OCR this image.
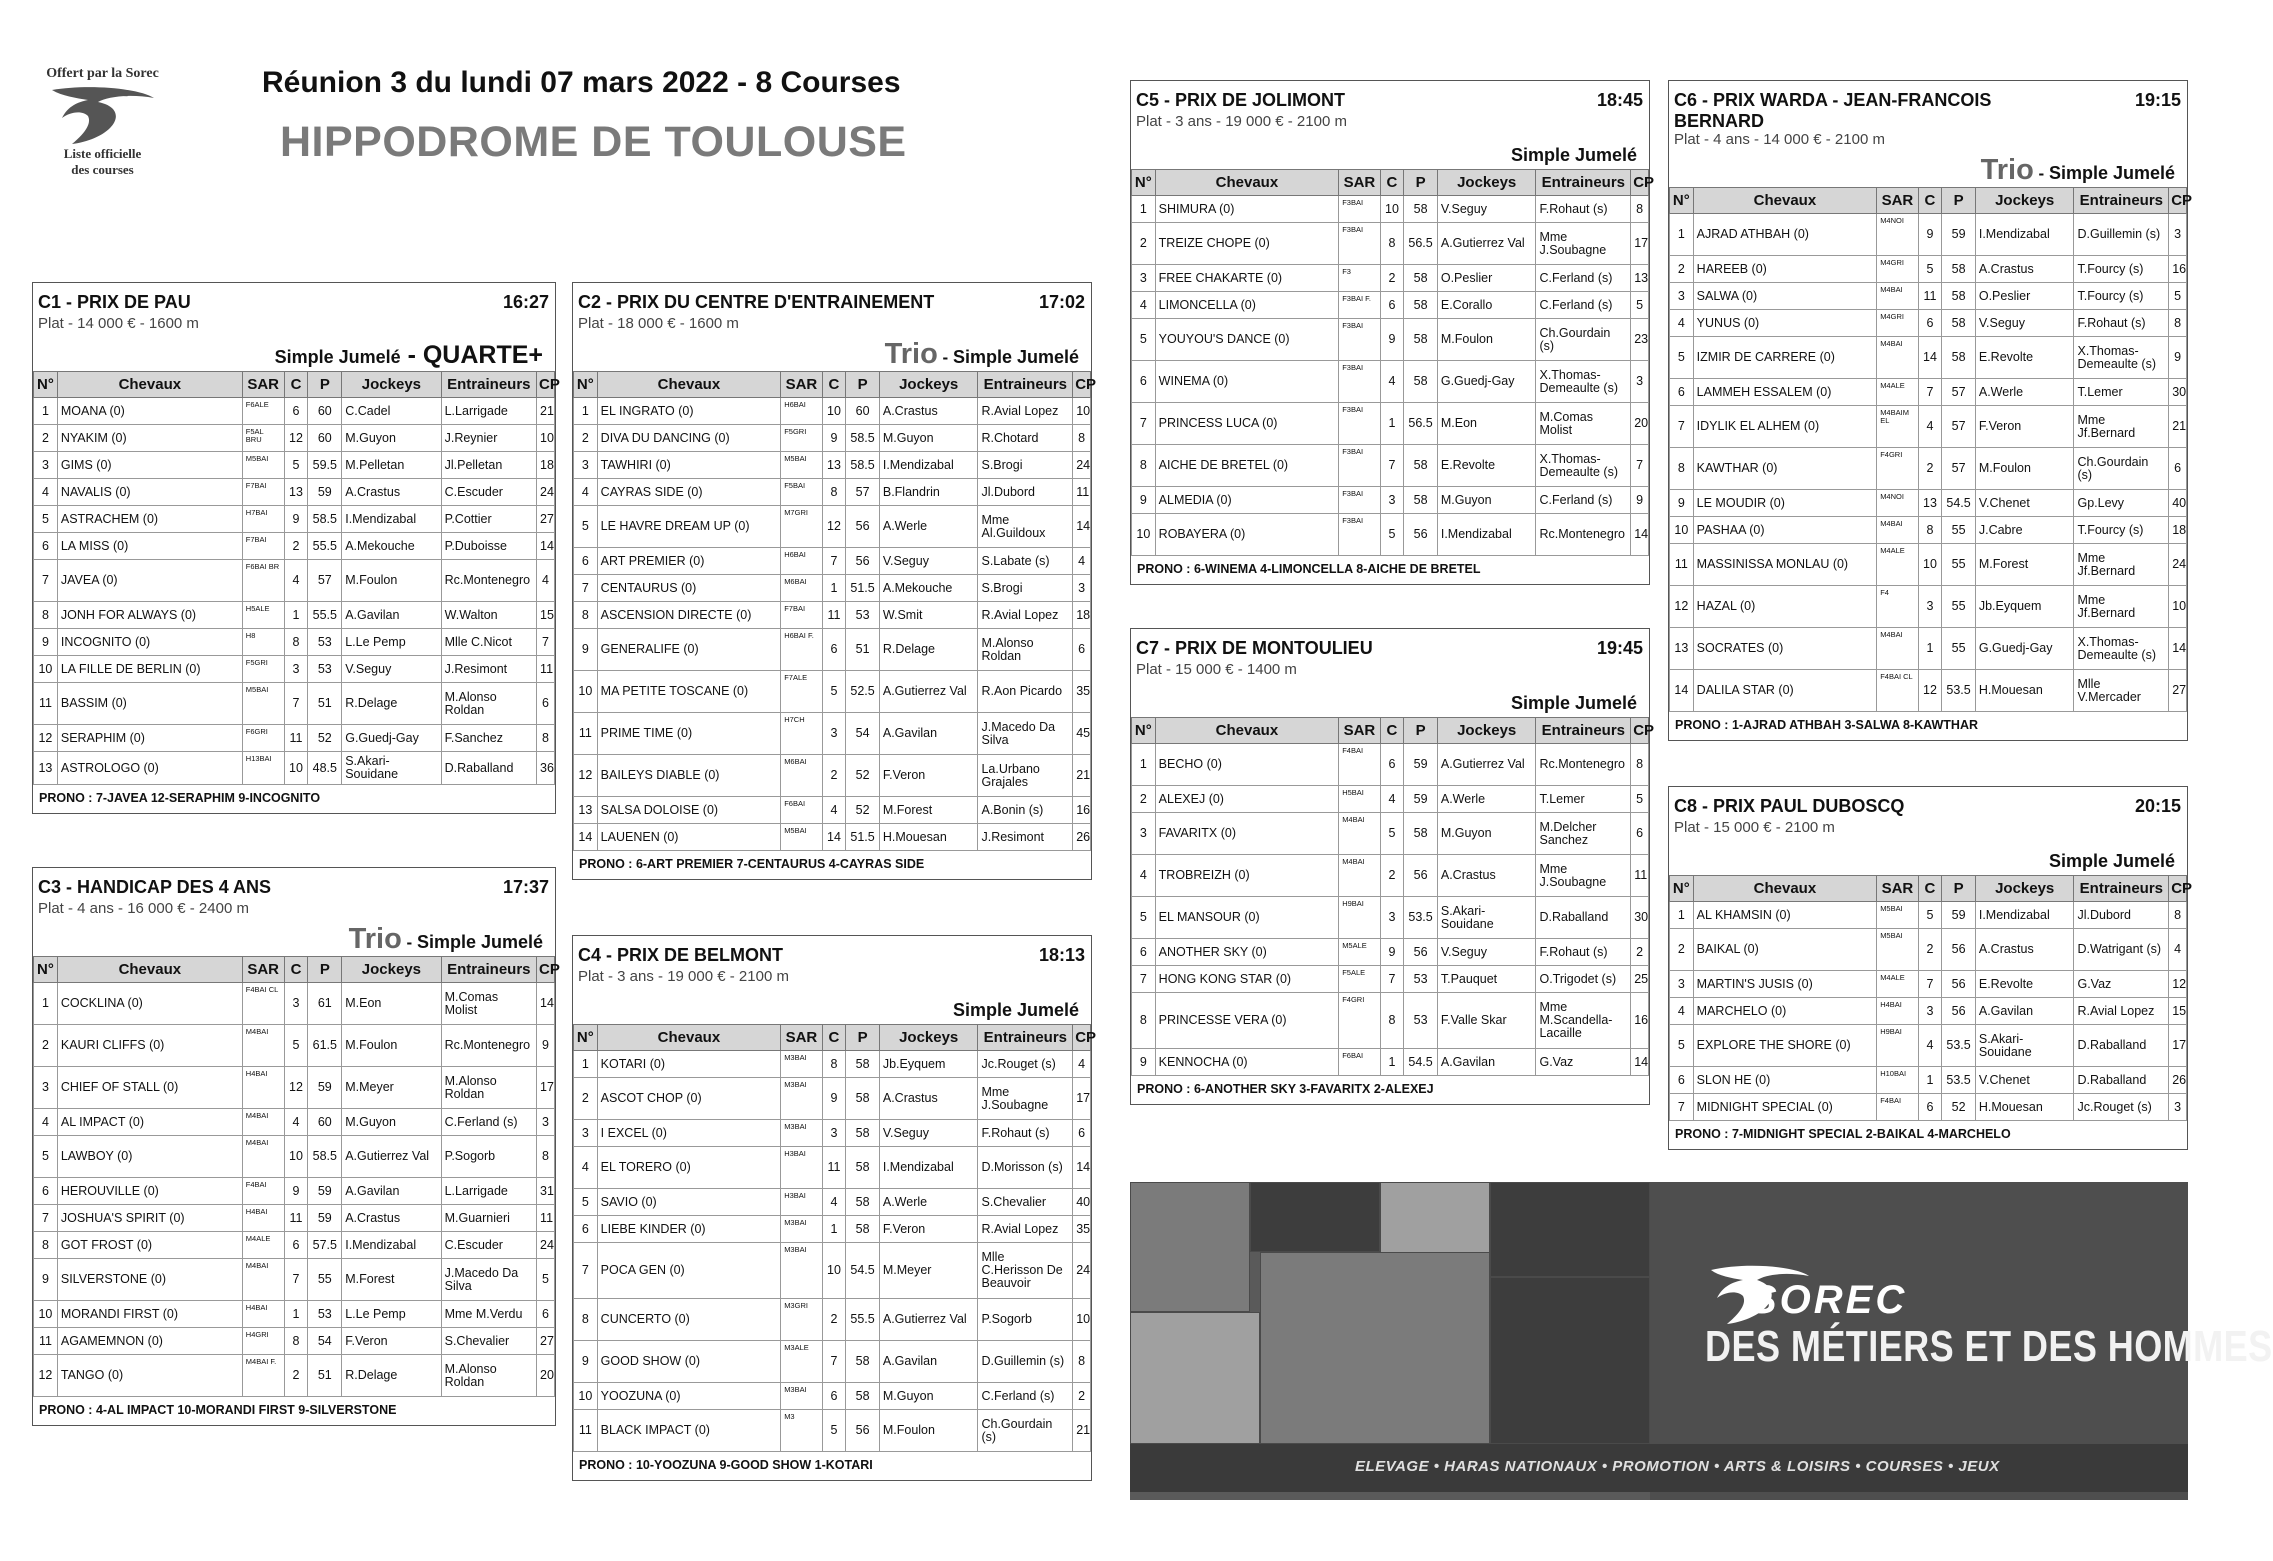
Offert par la Sorec
Liste officielle
des courses
Réunion 3 du lundi 07 mars 2022 - 8 Courses
HIPPODROME DE TOULOUSE
C1 - PRIX DE PAU	16:27
Plat - 14 000 € - 1600 m
Simple Jumelé - QUARTE+
N°	Chevaux	SAR	C	P	Jockeys	Entraineurs	CP
1	MOANA (0)	F6ALE	6	60	C.Cadel	L.Larrigade	21
2	NYAKIM (0)	F5AL BRU	12	60	M.Guyon	J.Reynier	10
3	GIMS (0)	M5BAI	5	59.5	M.Pelletan	Jl.Pelletan	18
4	NAVALIS (0)	F7BAI	13	59	A.Crastus	C.Escuder	24
5	ASTRACHEM (0)	H7BAI	9	58.5	I.Mendizabal	P.Cottier	27
6	LA MISS (0)	F7BAI	2	55.5	A.Mekouche	P.Duboisse	14
7	JAVEA (0)	F6BAI BR	4	57	M.Foulon	Rc.Montenegro	4
8	JONH FOR ALWAYS (0)	H5ALE	1	55.5	A.Gavilan	W.Walton	15
9	INCOGNITO (0)	H8	8	53	L.Le Pemp	Mlle C.Nicot	7
10	LA FILLE DE BERLIN (0)	F5GRI	3	53	V.Seguy	J.Resimont	11
11	BASSIM (0)	M5BAI	7	51	R.Delage	M.Alonso Roldan	6
12	SERAPHIM (0)	F6GRI	11	52	G.Guedj-Gay	F.Sanchez	8
13	ASTROLOGO (0)	H13BAI	10	48.5	S.Akari-Souidane	D.Raballand	36
PRONO : 7-JAVEA 12-SERAPHIM 9-INCOGNITO
C2 - PRIX DU CENTRE D'ENTRAINEMENT	17:02
Plat - 18 000 € - 1600 m
Trio - Simple Jumelé
N°	Chevaux	SAR	C	P	Jockeys	Entraineurs	CP
1	EL INGRATO (0)	H6BAI	10	60	A.Crastus	R.Avial Lopez	10
2	DIVA DU DANCING (0)	F5GRI	9	58.5	M.Guyon	R.Chotard	8
3	TAWHIRI (0)	M5BAI	13	58.5	I.Mendizabal	S.Brogi	24
4	CAYRAS SIDE (0)	F5BAI	8	57	B.Flandrin	Jl.Dubord	11
5	LE HAVRE DREAM UP (0)	M7GRI	12	56	A.Werle	Mme Al.Guildoux	14
6	ART PREMIER (0)	H6BAI	7	56	V.Seguy	S.Labate (s)	4
7	CENTAURUS (0)	M6BAI	1	51.5	A.Mekouche	S.Brogi	3
8	ASCENSION DIRECTE (0)	F7BAI	11	53	W.Smit	R.Avial Lopez	18
9	GENERALIFE (0)	H6BAI F.	6	51	R.Delage	M.Alonso Roldan	6
10	MA PETITE TOSCANE (0)	F7ALE	5	52.5	A.Gutierrez Val	R.Aon Picardo	35
11	PRIME TIME (0)	H7CH	3	54	A.Gavilan	J.Macedo Da Silva	45
12	BAILEYS DIABLE (0)	M6BAI	2	52	F.Veron	La.Urbano Grajales	21
13	SALSA DOLOISE (0)	F6BAI	4	52	M.Forest	A.Bonin (s)	16
14	LAUENEN (0)	M5BAI	14	51.5	H.Mouesan	J.Resimont	26
PRONO : 6-ART PREMIER 7-CENTAURUS 4-CAYRAS SIDE
C3 - HANDICAP DES 4 ANS	17:37
Plat - 4 ans - 16 000 € - 2400 m
Trio - Simple Jumelé
N°	Chevaux	SAR	C	P	Jockeys	Entraineurs	CP
1	COCKLINA (0)	F4BAI CL	3	61	M.Eon	M.Comas Molist	14
2	KAURI CLIFFS (0)	M4BAI	5	61.5	M.Foulon	Rc.Montenegro	9
3	CHIEF OF STALL (0)	H4BAI	12	59	M.Meyer	M.Alonso Roldan	17
4	AL IMPACT (0)	M4BAI	4	60	M.Guyon	C.Ferland (s)	3
5	LAWBOY (0)	M4BAI	10	58.5	A.Gutierrez Val	P.Sogorb	8
6	HEROUVILLE (0)	F4BAI	9	59	A.Gavilan	L.Larrigade	31
7	JOSHUA'S SPIRIT (0)	H4BAI	11	59	A.Crastus	M.Guarnieri	11
8	GOT FROST (0)	M4ALE	6	57.5	I.Mendizabal	C.Escuder	24
9	SILVERSTONE (0)	M4BAI	7	55	M.Forest	J.Macedo Da Silva	5
10	MORANDI FIRST (0)	H4BAI	1	53	L.Le Pemp	Mme M.Verdu	6
11	AGAMEMNON (0)	H4GRI	8	54	F.Veron	S.Chevalier	27
12	TANGO (0)	M4BAI F.	2	51	R.Delage	M.Alonso Roldan	20
PRONO : 4-AL IMPACT 10-MORANDI FIRST 9-SILVERSTONE
C4 - PRIX DE BELMONT	18:13
Plat - 3 ans - 19 000 € - 2100 m
Simple Jumelé
N°	Chevaux	SAR	C	P	Jockeys	Entraineurs	CP
1	KOTARI (0)	M3BAI	8	58	Jb.Eyquem	Jc.Rouget (s)	4
2	ASCOT CHOP (0)	M3BAI	9	58	A.Crastus	Mme J.Soubagne	17
3	I EXCEL (0)	M3BAI	3	58	V.Seguy	F.Rohaut (s)	6
4	EL TORERO (0)	H3BAI	11	58	I.Mendizabal	D.Morisson (s)	14
5	SAVIO (0)	H3BAI	4	58	A.Werle	S.Chevalier	40
6	LIEBE KINDER (0)	M3BAI	1	58	F.Veron	R.Avial Lopez	35
7	POCA GEN (0)	M3BAI	10	54.5	M.Meyer	Mlle C.Herisson De Beauvoir	24
8	CUNCERTO (0)	M3GRI	2	55.5	A.Gutierrez Val	P.Sogorb	10
9	GOOD SHOW (0)	M3ALE	7	58	A.Gavilan	D.Guillemin (s)	8
10	YOOZUNA (0)	M3BAI	6	58	M.Guyon	C.Ferland (s)	2
11	BLACK IMPACT (0)	M3	5	56	M.Foulon	Ch.Gourdain (s)	21
PRONO : 10-YOOZUNA 9-GOOD SHOW 1-KOTARI
C5 - PRIX DE JOLIMONT	18:45
Plat - 3 ans - 19 000 € - 2100 m
Simple Jumelé
N°	Chevaux	SAR	C	P	Jockeys	Entraineurs	CP
1	SHIMURA (0)	F3BAI	10	58	V.Seguy	F.Rohaut (s)	8
2	TREIZE CHOPE (0)	F3BAI	8	56.5	A.Gutierrez Val	Mme J.Soubagne	17
3	FREE CHAKARTE (0)	F3	2	58	O.Peslier	C.Ferland (s)	13
4	LIMONCELLA (0)	F3BAI F.	6	58	E.Corallo	C.Ferland (s)	5
5	YOUYOU'S DANCE (0)	F3BAI	9	58	M.Foulon	Ch.Gourdain (s)	23
6	WINEMA (0)	F3BAI	4	58	G.Guedj-Gay	X.Thomas-Demeaulte (s)	3
7	PRINCESS LUCA (0)	F3BAI	1	56.5	M.Eon	M.Comas Molist	20
8	AICHE DE BRETEL (0)	F3BAI	7	58	E.Revolte	X.Thomas-Demeaulte (s)	7
9	ALMEDIA (0)	F3BAI	3	58	M.Guyon	C.Ferland (s)	9
10	ROBAYERA (0)	F3BAI	5	56	I.Mendizabal	Rc.Montenegro	14
PRONO : 6-WINEMA 4-LIMONCELLA 8-AICHE DE BRETEL
C6 - PRIX WARDA - JEAN-FRANCOIS BERNARD
19:15
Plat - 4 ans - 14 000 € - 2100 m
Trio - Simple Jumelé
N°	Chevaux	SAR	C	P	Jockeys	Entraineurs	CP
1	AJRAD ATHBAH (0)	M4NOI	9	59	I.Mendizabal	D.Guillemin (s)	3
2	HAREEB (0)	M4GRI	5	58	A.Crastus	T.Fourcy (s)	16
3	SALWA (0)	M4BAI	11	58	O.Peslier	T.Fourcy (s)	5
4	YUNUS (0)	M4GRI	6	58	V.Seguy	F.Rohaut (s)	8
5	IZMIR DE CARRERE (0)	M4BAI	14	58	E.Revolte	X.Thomas-Demeaulte (s)	9
6	LAMMEH ESSALEM (0)	M4ALE	7	57	A.Werle	T.Lemer	30
7	IDYLIK EL ALHEM (0)	M4BAIM EL	4	57	F.Veron	Mme Jf.Bernard	21
8	KAWTHAR (0)	F4GRI	2	57	M.Foulon	Ch.Gourdain (s)	6
9	LE MOUDIR (0)	M4NOI	13	54.5	V.Chenet	Gp.Levy	40
10	PASHAA (0)	M4BAI	8	55	J.Cabre	T.Fourcy (s)	18
11	MASSINISSA MONLAU (0)	M4ALE	10	55	M.Forest	Mme Jf.Bernard	24
12	HAZAL (0)	F4	3	55	Jb.Eyquem	Mme Jf.Bernard	10
13	SOCRATES (0)	M4BAI	1	55	G.Guedj-Gay	X.Thomas-Demeaulte (s)	14
14	DALILA STAR (0)	F4BAI CL	12	53.5	H.Mouesan	Mlle V.Mercader	27
PRONO : 1-AJRAD ATHBAH 3-SALWA 8-KAWTHAR
C7 - PRIX DE MONTOULIEU	19:45
Plat - 15 000 € - 1400 m
Simple Jumelé
N°	Chevaux	SAR	C	P	Jockeys	Entraineurs	CP
1	BECHO (0)	F4BAI	6	59	A.Gutierrez Val	Rc.Montenegro	8
2	ALEXEJ (0)	H5BAI	4	59	A.Werle	T.Lemer	5
3	FAVARITX (0)	M4BAI	5	58	M.Guyon	M.Delcher Sanchez	6
4	TROBREIZH (0)	M4BAI	2	56	A.Crastus	Mme J.Soubagne	11
5	EL MANSOUR (0)	H9BAI	3	53.5	S.Akari-Souidane	D.Raballand	30
6	ANOTHER SKY (0)	M5ALE	9	56	V.Seguy	F.Rohaut (s)	2
7	HONG KONG STAR (0)	F5ALE	7	53	T.Pauquet	O.Trigodet (s)	25
8	PRINCESSE VERA (0)	F4GRI	8	53	F.Valle Skar	Mme M.Scandella-Lacaille	16
9	KENNOCHA (0)	F6BAI	1	54.5	A.Gavilan	G.Vaz	14
PRONO : 6-ANOTHER SKY 3-FAVARITX 2-ALEXEJ
C8 - PRIX PAUL DUBOSCQ	20:15
Plat - 15 000 € - 2100 m
Simple Jumelé
N°	Chevaux	SAR	C	P	Jockeys	Entraineurs	CP
1	AL KHAMSIN (0)	M5BAI	5	59	I.Mendizabal	Jl.Dubord	8
2	BAIKAL (0)	M5BAI	2	56	A.Crastus	D.Watrigant (s)	4
3	MARTIN'S JUSIS (0)	M4ALE	7	56	E.Revolte	G.Vaz	12
4	MARCHELO (0)	H4BAI	3	56	A.Gavilan	R.Avial Lopez	15
5	EXPLORE THE SHORE (0)	H9BAI	4	53.5	S.Akari-Souidane	D.Raballand	17
6	SLON HE (0)	H10BAI	1	53.5	V.Chenet	D.Raballand	26
7	MIDNIGHT SPECIAL (0)	F4BAI	6	52	H.Mouesan	Jc.Rouget (s)	3
PRONO : 7-MIDNIGHT SPECIAL 2-BAIKAL 4-MARCHELO
SOREC
DES MÉTIERS ET DES HOMMES
ELEVAGE • HARAS NATIONAUX • PROMOTION • ARTS & LOISIRS • COURSES • JEUX
